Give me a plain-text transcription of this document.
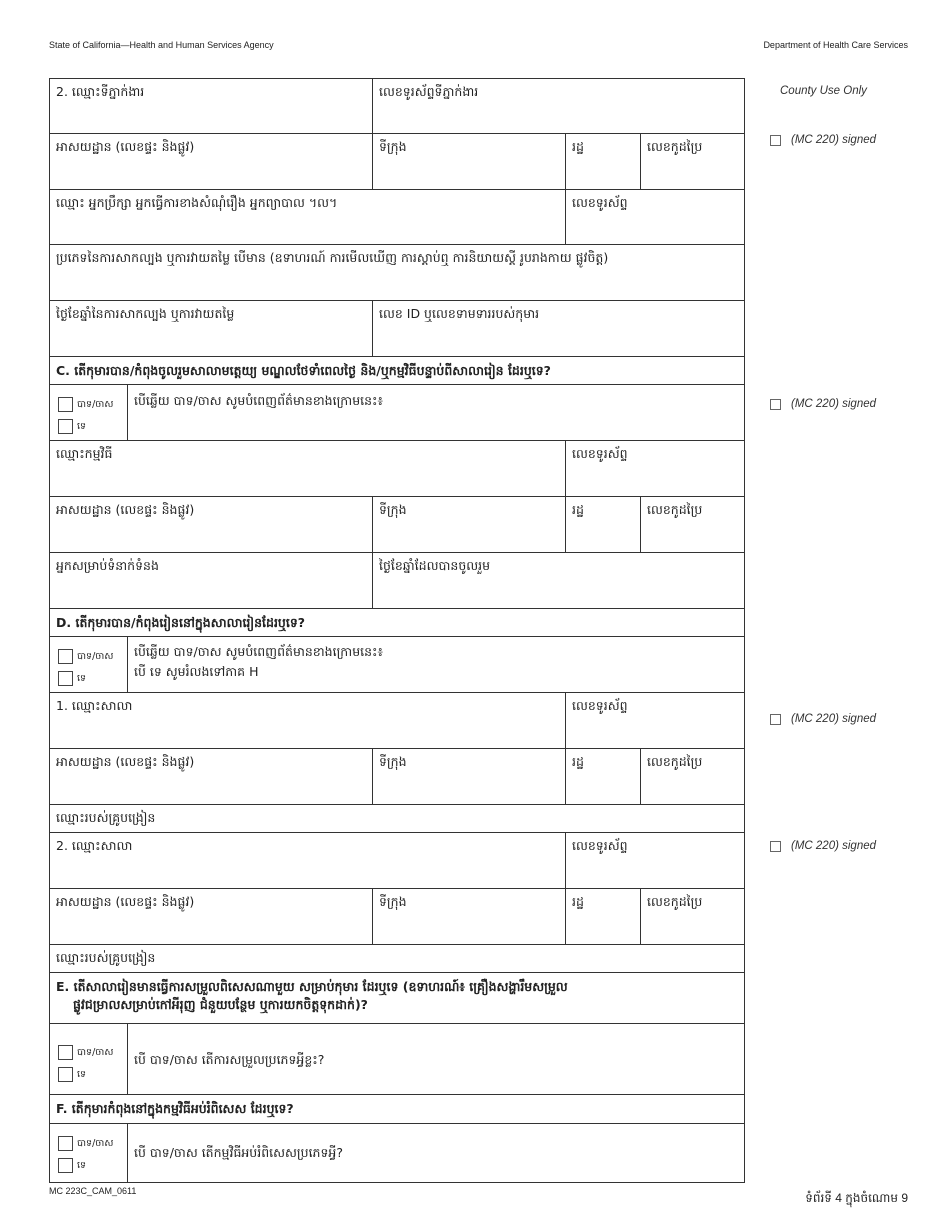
State of California—Health and Human Services Agency	Department of Health Care Services
2. ឈ្មោះទីភ្នាក់ងារ	លេខទូរស័ព្ទទីភ្នាក់ងារ
អាសយដ្ឋាន (លេខផ្ទះ និងផ្លូវ)	ទីក្រុង	រដ្ឋ	លេខកូដប្រៃ
ឈ្មោះ អ្នកប្រឹក្សា អ្នកធ្វើការខាងសំណុំរឿង អ្នកព្យាបាល ។ល។	លេខទូរស័ព្ទ
ប្រភេទនៃការសាកល្បង ឬការវាយតម្លៃ បើមាន (ឧទាហរណ៍ ការមើលឃើញ ការស្តាប់ឮ ការនិយាយស្តី រូបរាងកាយ ផ្លូវចិត្ត)
ថ្ងៃខែឆ្នាំនៃការសាកល្បង ឬការវាយតម្លៃ	លេខ ID ឬលេខទាមទាររបស់កុមារ
C. តើកុមារបាន/កំពុងចូលរួមសាលាមត្តេយ្យ មណ្ឌលថែទាំពេលថ្ងៃ និង/ឬកម្មវិធីបន្ទាប់ពីសាលារៀន ដែរឬទេ?
បាទ/ចាស
ទេ
បើឆ្លើយ បាទ/ចាស សូមបំពេញព័ត៌មានខាងក្រោមនេះ៖
ឈ្មោះកម្មវិធី	លេខទូរស័ព្ទ
អាសយដ្ឋាន (លេខផ្ទះ និងផ្លូវ)	ទីក្រុង	រដ្ឋ	លេខកូដប្រៃ
អ្នកសម្រាប់ទំនាក់ទំនង	ថ្ងៃខែឆ្នាំដែលបានចូលរួម
D. តើកុមារបាន/កំពុងរៀននៅក្នុងសាលារៀនដែរឬទេ?
បាទ/ចាស
ទេ
បើឆ្លើយ បាទ/ចាស សូមបំពេញព័ត៌មានខាងក្រោមនេះ៖
បើ ទេ សូមរំលងទៅភាគ H
1. ឈ្មោះសាលា	លេខទូរស័ព្ទ
អាសយដ្ឋាន (លេខផ្ទះ និងផ្លូវ)	ទីក្រុង	រដ្ឋ	លេខកូដប្រៃ
ឈ្មោះរបស់គ្រូបង្រៀន
2. ឈ្មោះសាលា	លេខទូរស័ព្ទ
អាសយដ្ឋាន (លេខផ្ទះ និងផ្លូវ)	ទីក្រុង	រដ្ឋ	លេខកូដប្រៃ
ឈ្មោះរបស់គ្រូបង្រៀន
E. តើសាលារៀនមានធ្វើការសម្រួលពិសេសណាមួយ សម្រាប់កុមារ ដែរឬទេ (ឧទាហរណ៍៖ គ្រឿងសង្ហារឹមសម្រួល
ផ្លូវជម្រាលសម្រាប់កៅអីរុញ ជំនួយបន្ថែម ឬការយកចិត្តទុកដាក់)?
បាទ/ចាស
ទេ
បើ បាទ/ចាស តើការសម្រួលប្រភេទអ្វីខ្លះ?
F. តើកុមារកំពុងនៅក្នុងកម្មវិធីអប់រំពិសេស ដែរឬទេ?
បាទ/ចាស
ទេ
បើ បាទ/ចាស តើកម្មវិធីអប់រំពិសេសប្រភេទអ្វី?
County Use Only
(MC 220) signed
(MC 220) signed
(MC 220) signed
(MC 220) signed
MC 223C_CAM_0611	ទំព័រទី 4 ក្នុងចំណោម 9
